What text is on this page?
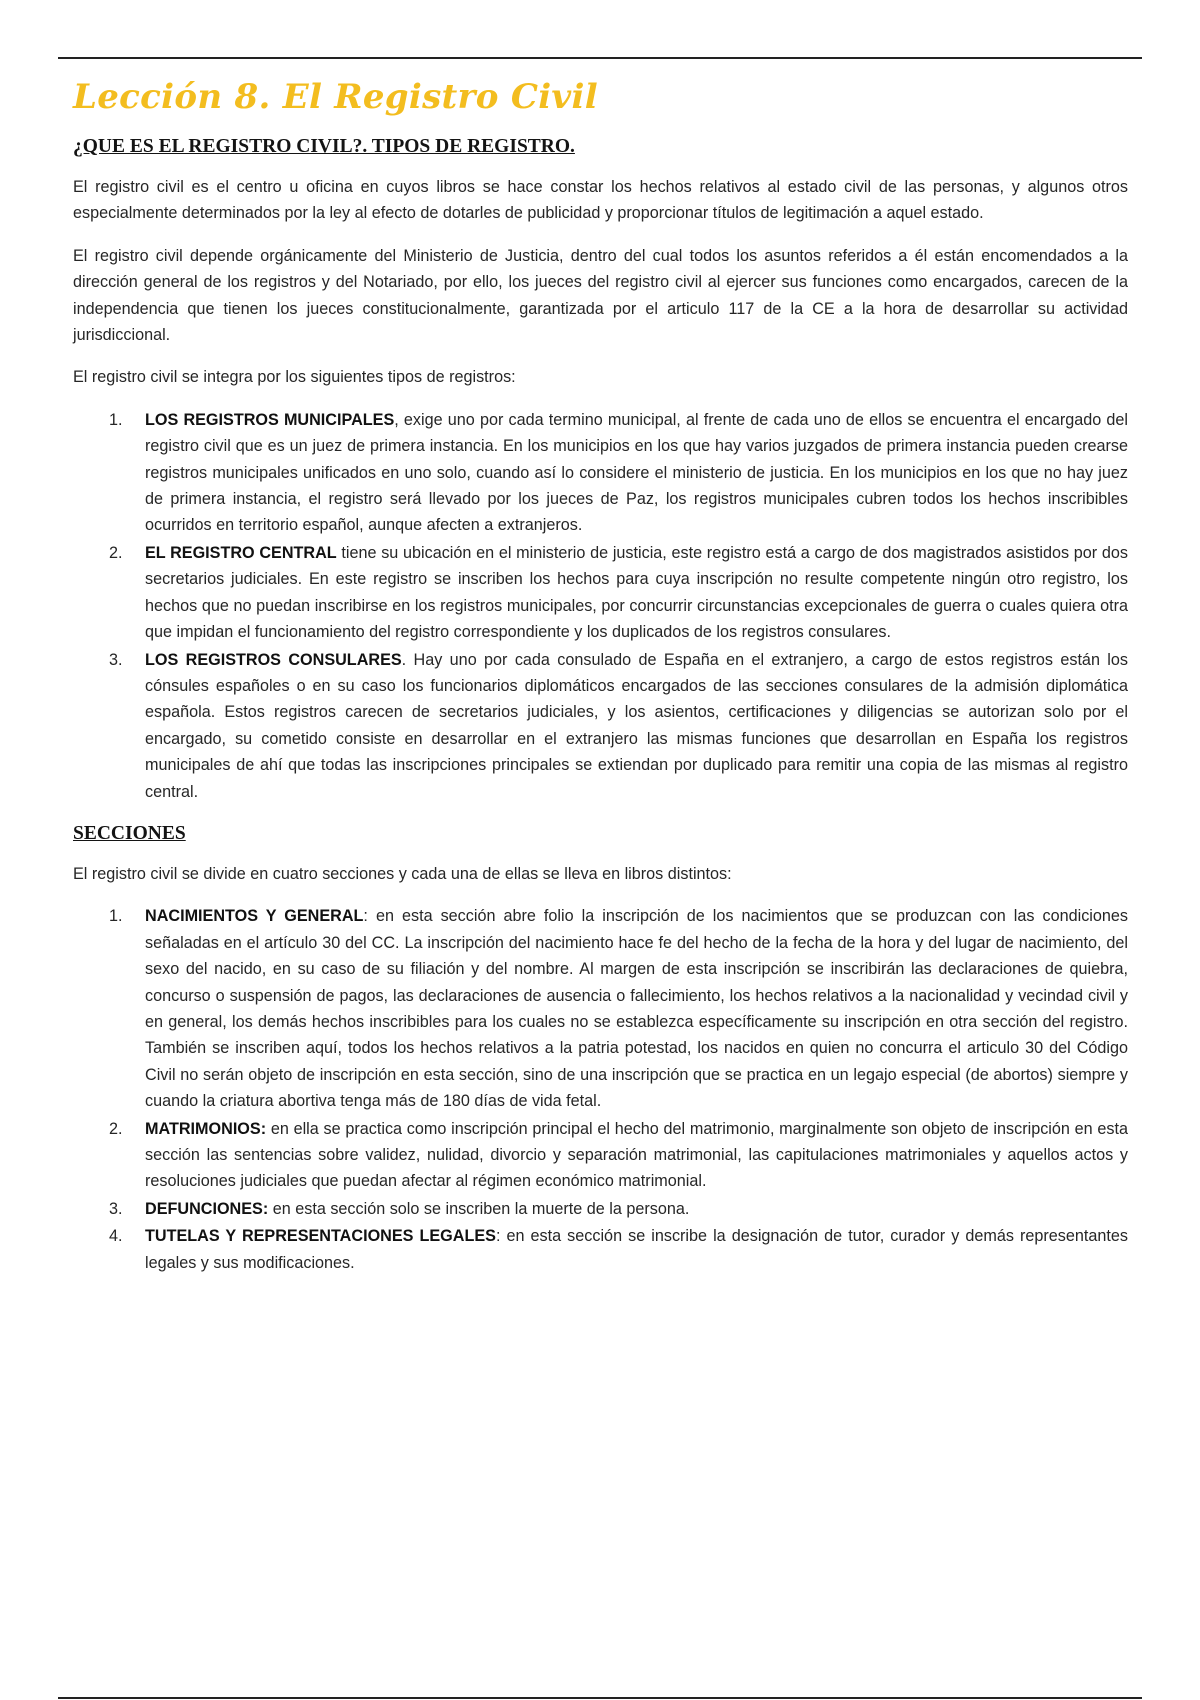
Lección 8. El Registro Civil
¿QUE ES EL REGISTRO CIVIL?. TIPOS DE REGISTRO.

El registro civil es el centro u oficina en cuyos libros se hace constar los hechos relativos al estado civil de las personas, y algunos otros especialmente determinados por la ley al efecto de dotarles de publicidad y proporcionar títulos de legitimación a aquel estado.

El registro civil depende orgánicamente del Ministerio de Justicia, dentro del cual todos los asuntos referidos a él están encomendados a la dirección general de los registros y del Notariado, por ello, los jueces del registro civil al ejercer sus funciones como encargados, carecen de la independencia que tienen los jueces constitucionalmente, garantizada por el articulo 117 de la CE a la hora de desarrollar su actividad jurisdiccional.

El registro civil se integra por los siguientes tipos de registros:

1. LOS REGISTROS MUNICIPALES, exige uno por cada termino municipal, al frente de cada uno de ellos se encuentra el encargado del registro civil que es un juez de primera instancia. En los municipios en los que hay varios juzgados de primera instancia pueden crearse registros municipales unificados en uno solo, cuando así lo considere el ministerio de justicia. En los municipios en los que no hay juez de primera instancia, el registro será llevado por los jueces de Paz, los registros municipales cubren todos los hechos inscribibles ocurridos en territorio español, aunque afecten a extranjeros.
2. EL REGISTRO CENTRAL tiene su ubicación en el ministerio de justicia, este registro está a cargo de dos magistrados asistidos por dos secretarios judiciales. En este registro se inscriben los hechos para cuya inscripción no resulte competente ningún otro registro, los hechos que no puedan inscribirse en los registros municipales, por concurrir circunstancias excepcionales de guerra o cuales quiera otra que impidan el funcionamiento del registro correspondiente y los duplicados de los registros consulares.
3. LOS REGISTROS CONSULARES. Hay uno por cada consulado de España en el extranjero, a cargo de estos registros están los cónsules españoles o en su caso los funcionarios diplomáticos encargados de las secciones consulares de la admisión diplomática española. Estos registros carecen de secretarios judiciales, y los asientos, certificaciones y diligencias se autorizan solo por el encargado, su cometido consiste en desarrollar en el extranjero las mismas funciones que desarrollan en España los registros municipales de ahí que todas las inscripciones principales se extiendan por duplicado para remitir una copia de las mismas al registro central.
SECCIONES

El registro civil se divide en cuatro secciones y cada una de ellas se lleva en libros distintos:

1. NACIMIENTOS Y GENERAL: en esta sección abre folio la inscripción de los nacimientos que se produzcan con las condiciones señaladas en el artículo 30 del CC. La inscripción del nacimiento hace fe del hecho de la fecha de la hora y del lugar de nacimiento, del sexo del nacido, en su caso de su filiación y del nombre. Al margen de esta inscripción se inscribirán las declaraciones de quiebra, concurso o suspensión de pagos, las declaraciones de ausencia o fallecimiento, los hechos relativos a la nacionalidad y vecindad civil y en general, los demás hechos inscribibles para los cuales no se establezca específicamente su inscripción en otra sección del registro. También se inscriben aquí, todos los hechos relativos a la patria potestad, los nacidos en quien no concurra el articulo 30 del Código Civil no serán objeto de inscripción en esta sección, sino de una inscripción que se practica en un legajo especial (de abortos) siempre y cuando la criatura abortiva tenga más de 180 días de vida fetal.
2. MATRIMONIOS: en ella se practica como inscripción principal el hecho del matrimonio, marginalmente son objeto de inscripción en esta sección las sentencias sobre validez, nulidad, divorcio y separación matrimonial, las capitulaciones matrimoniales y aquellos actos y resoluciones judiciales que puedan afectar al régimen económico matrimonial.
3. DEFUNCIONES: en esta sección solo se inscriben la muerte de la persona.
4. TUTELAS Y REPRESENTACIONES LEGALES: en esta sección se inscribe la designación de tutor, curador y demás representantes legales y sus modificaciones.
